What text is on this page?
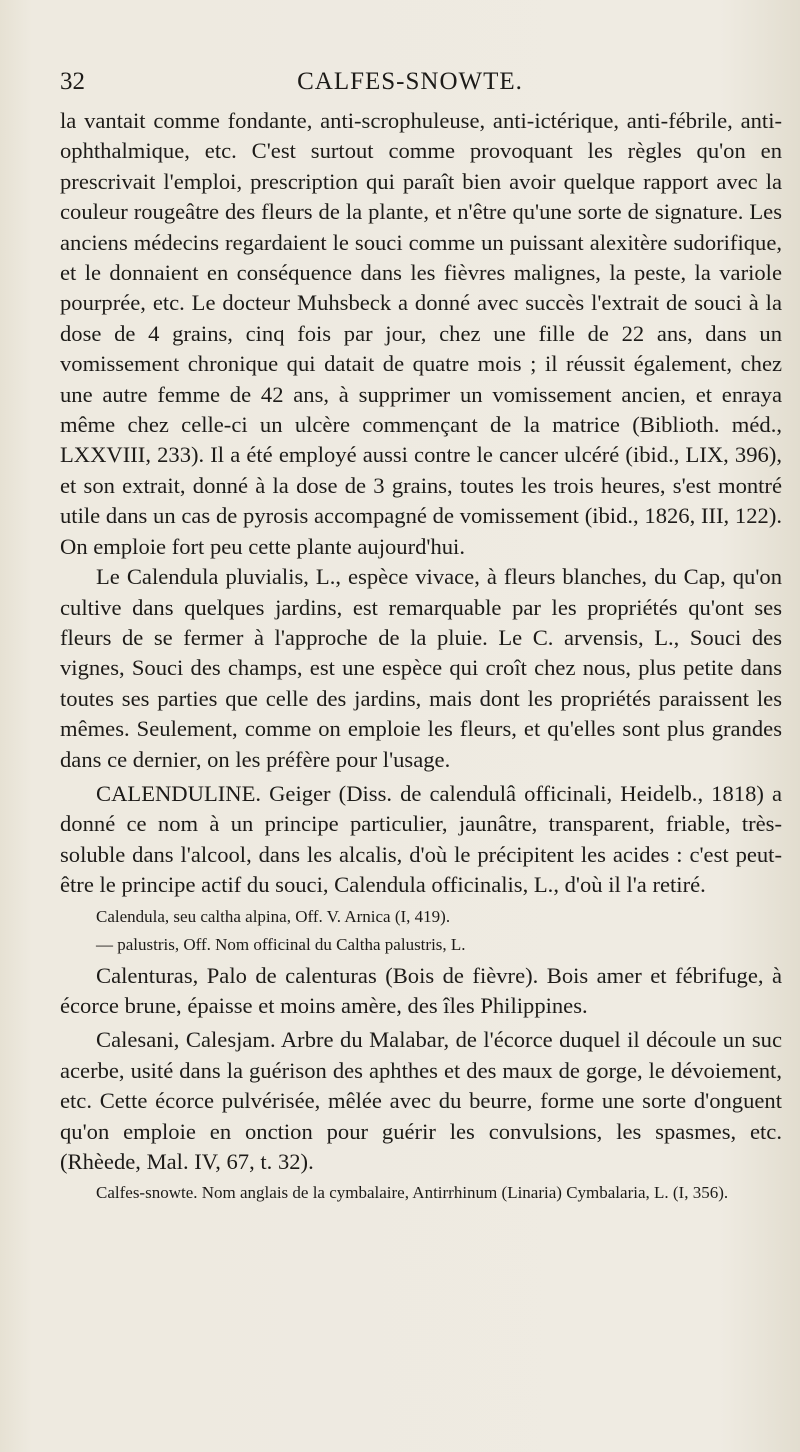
32	CALFES-SNOWTE.

la vantait comme fondante, anti-scrophuleuse, anti-ictérique, anti-fébrile, anti-ophthalmique, etc. C'est surtout comme provoquant les règles qu'on en prescrivait l'emploi, prescription qui paraît bien avoir quelque rapport avec la couleur rougeâtre des fleurs de la plante, et n'être qu'une sorte de signature. Les anciens médecins regardaient le souci comme un puissant alexitère sudorifique, et le donnaient en conséquence dans les fièvres malignes, la peste, la variole pourprée, etc. Le docteur Muhsbeck a donné avec succès l'extrait de souci à la dose de 4 grains, cinq fois par jour, chez une fille de 22 ans, dans un vomissement chronique qui datait de quatre mois ; il réussit également, chez une autre femme de 42 ans, à supprimer un vomissement ancien, et enraya même chez celle-ci un ulcère commençant de la matrice (Biblioth. méd., LXXVIII, 233). Il a été employé aussi contre le cancer ulcéré (ibid., LIX, 396), et son extrait, donné à la dose de 3 grains, toutes les trois heures, s'est montré utile dans un cas de pyrosis accompagné de vomissement (ibid., 1826, III, 122). On emploie fort peu cette plante aujourd'hui.

Le Calendula pluvialis, L., espèce vivace, à fleurs blanches, du Cap, qu'on cultive dans quelques jardins, est remarquable par les propriétés qu'ont ses fleurs de se fermer à l'approche de la pluie. Le C. arvensis, L., Souci des vignes, Souci des champs, est une espèce qui croît chez nous, plus petite dans toutes ses parties que celle des jardins, mais dont les propriétés paraissent les mêmes. Seulement, comme on emploie les fleurs, et qu'elles sont plus grandes dans ce dernier, on les préfère pour l'usage.

CALENDULINE. Geiger (Diss. de calendulâ officinali, Heidelb., 1818) a donné ce nom à un principe particulier, jaunâtre, transparent, friable, très-soluble dans l'alcool, dans les alcalis, d'où le précipitent les acides : c'est peut-être le principe actif du souci, Calendula officinalis, L., d'où il l'a retiré.

Calendula, seu caltha alpina, Off. V. Arnica (I, 419).

— palustris, Off. Nom officinal du Caltha palustris, L.

Calenturas, Palo de calenturas (Bois de fièvre). Bois amer et fébrifuge, à écorce brune, épaisse et moins amère, des îles Philippines.

Calesani, Calesjam. Arbre du Malabar, de l'écorce duquel il découle un suc acerbe, usité dans la guérison des aphthes et des maux de gorge, le dévoiement, etc. Cette écorce pulvérisée, mêlée avec du beurre, forme une sorte d'onguent qu'on emploie en onction pour guérir les convulsions, les spasmes, etc. (Rhèede, Mal. IV, 67, t. 32).

Calfes-snowte. Nom anglais de la cymbalaire, Antirrhinum (Linaria) Cymbalaria, L. (I, 356).
